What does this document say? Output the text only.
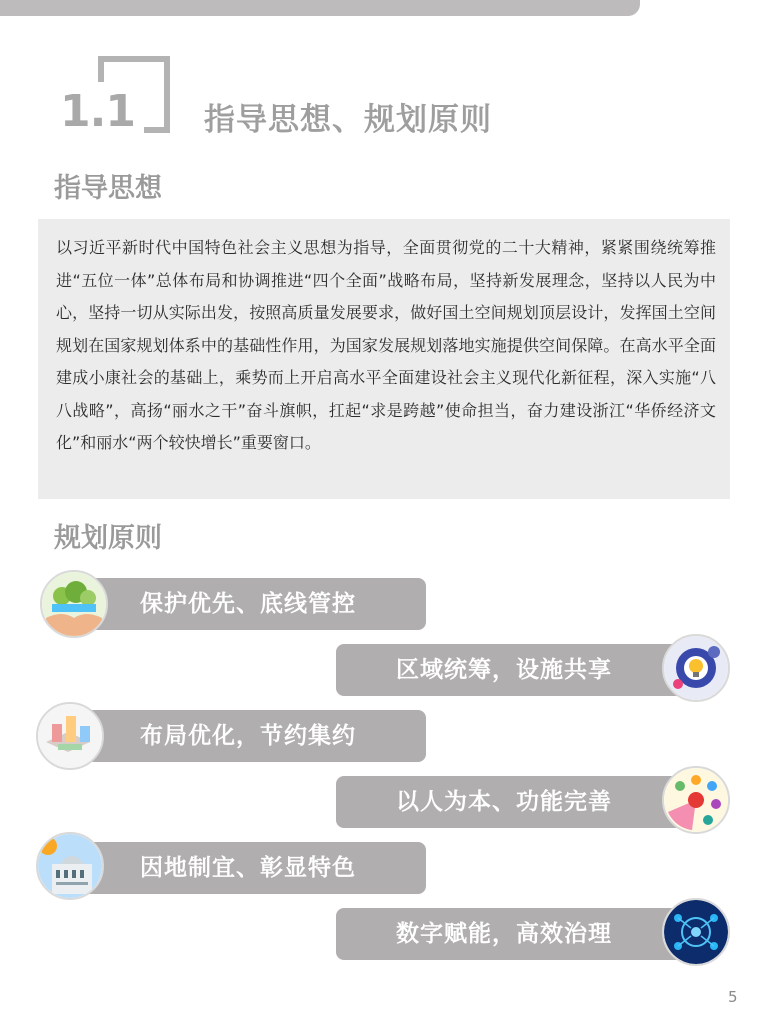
1.1 指导思想、规划原则
指导思想
以习近平新时代中国特色社会主义思想为指导，全面贯彻党的二十大精神，紧紧围绕统筹推进“五位一体”总体布局和协调推进“四个全面”战略布局，坚持新发展理念，坚持以人民为中心，坚持一切从实际出发，按照高质量发展要求，做好国土空间规划顶层设计，发挥国土空间规划在国家规划体系中的基础性作用，为国家发展规划落地实施提供空间保障。在高水平全面建成小康社会的基础上，乘势而上开启高水平全面建设社会主义现代化新征程，深入实施“八八战略”，高扬“丽水之干”奋斗旗帜，扛起“求是跨越”使命担当，奋力建设浙江“华侨经济文化”和丽水“两个较快增长”重要窗口。
规划原则
保护优先、底线管控
区域统筹，设施共享
布局优化，节约集约
以人为本、功能完善
因地制宜、彰显特色
数字赋能，高效治理
5
